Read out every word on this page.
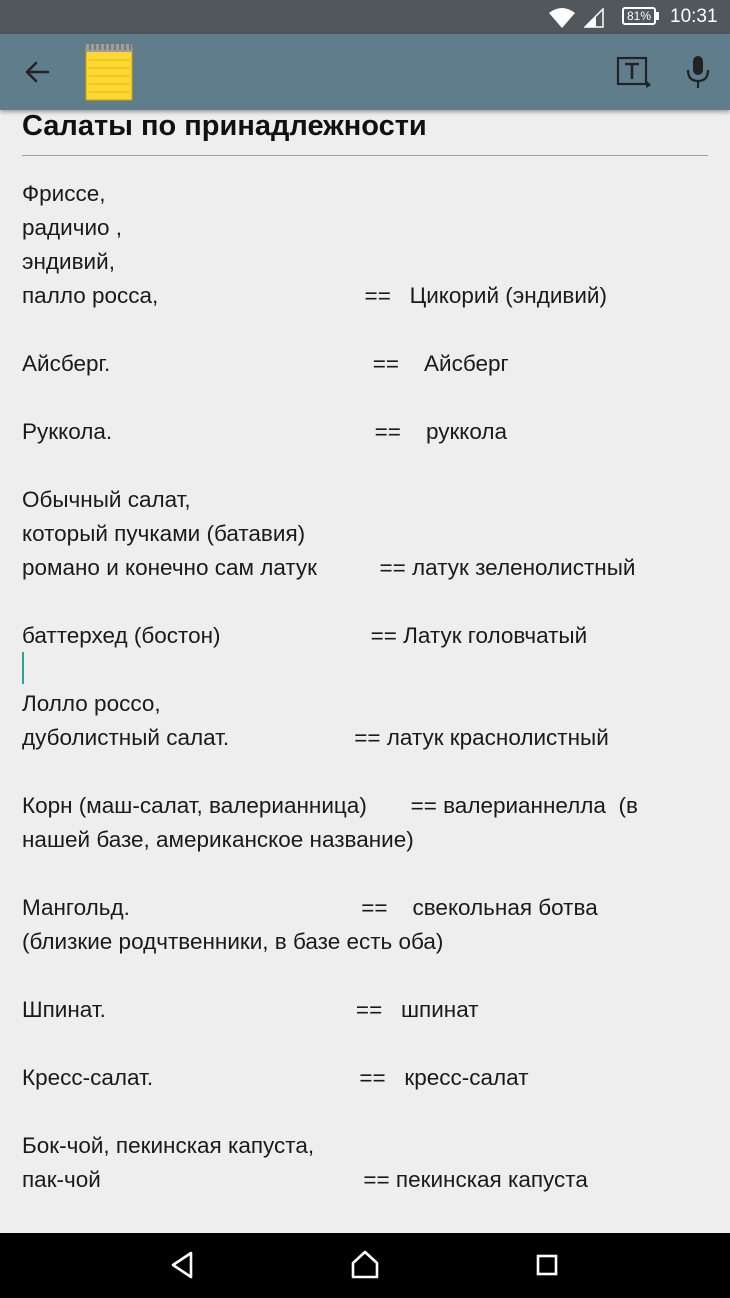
81% 10:31
Салаты по принадлежности
Фриссе,
радичио ,
эндивий,
палло росса,                                 ==   Цикорий (эндивий)

Айсберг.                                          ==    Айсберг

Руккола.                                          ==    руккола

Обычный салат,
который пучками (батавия)
романо и конечно сам латук          == латук зеленолистный

баттерхед (бостон)                        == Латук головчатый

Лолло россо,
дуболистный салат.                    == латук краснолистный

Корн (маш-салат, валерианница)       == валерианнелла  (в
нашей базе, американское название)

Мангольд.                                     ==    свекольная ботва
(близкие родчтвенники, в базе есть оба)

Шпинат.                                        ==   шпинат

Кресс-салат.                                 ==   кресс-салат

Бок-чой, пекинская капуста,
пак-чой                                          == пекинская капуста
